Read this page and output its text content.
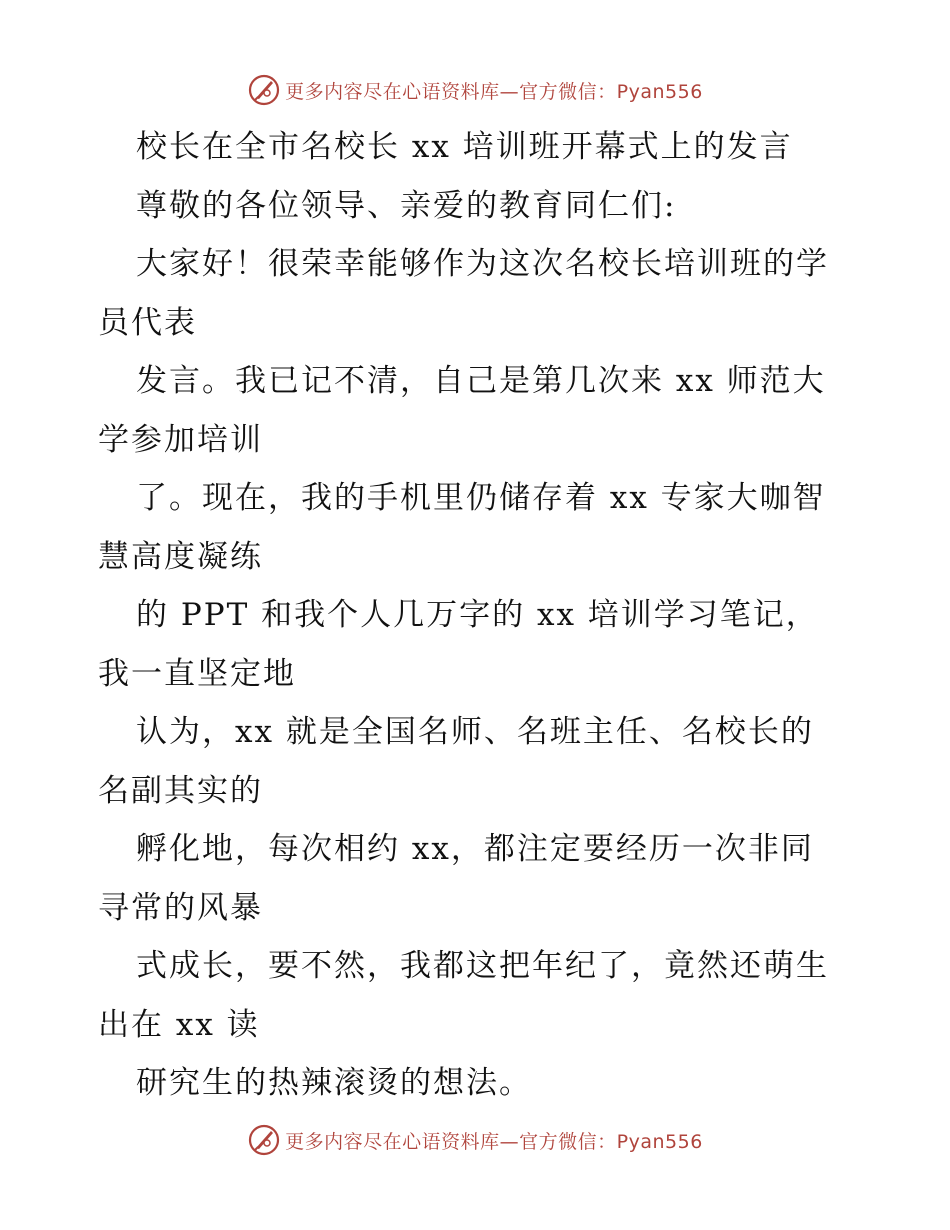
更多内容尽在心语资料库—官方微信：Pyan556
校长在全市名校长 xx 培训班开幕式上的发言
尊敬的各位领导、亲爱的教育同仁们:
大家好！很荣幸能够作为这次名校长培训班的学
员代表
发言。我已记不清，自己是第几次来 xx 师范大
学参加培训
了。现在，我的手机里仍储存着 xx 专家大咖智
慧高度凝练
的 PPT 和我个人几万字的 xx 培训学习笔记，
我一直坚定地
认为，xx 就是全国名师、名班主任、名校长的
名副其实的
孵化地，每次相约 xx，都注定要经历一次非同
寻常的风暴
式成长，要不然，我都这把年纪了，竟然还萌生
出在 xx 读
研究生的热辣滚烫的想法。
更多内容尽在心语资料库—官方微信：Pyan556
